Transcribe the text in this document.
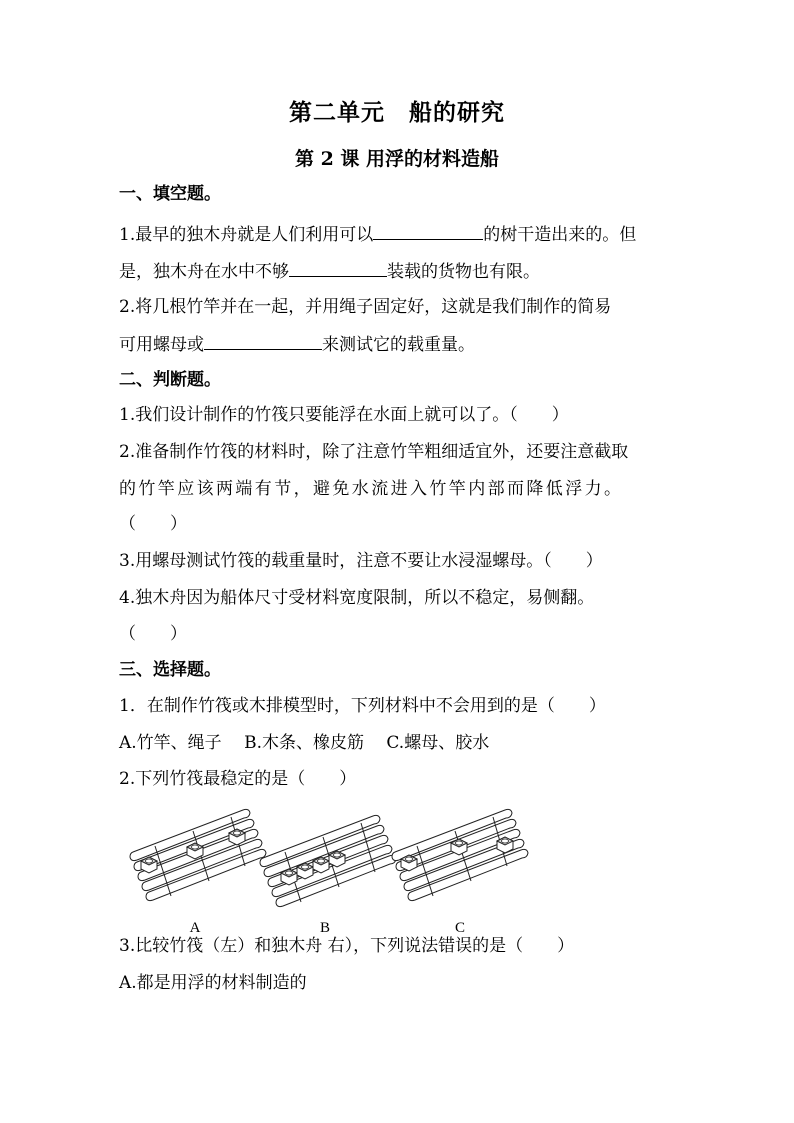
第二单元　船的研究
第 2 课 用浮的材料造船
一、填空题。
1.最早的独木舟就是人们利用可以	的树干造出来的。但
是，独木舟在水中不够	装载的货物也有限。
2.将几根竹竿并在一起，并用绳子固定好，这就是我们制作的简易
可用螺母或	来测试它的载重量。
二、判断题。
1.我们设计制作的竹筏只要能浮在水面上就可以了。（　　）
2.准备制作竹筏的材料时，除了注意竹竿粗细适宜外，还要注意截取
的竹竿应该两端有节，避免水流进入竹竿内部而降低浮力。
（　　）
3.用螺母测试竹筏的载重量时，注意不要让水浸湿螺母。（　　）
4.独木舟因为船体尺寸受材料宽度限制，所以不稳定，易侧翻。
（　　）
三、选择题。
1．在制作竹筏或木排模型时，下列材料中不会用到的是（　　）
A.竹竿、绳子　 B.木条、橡皮筋　 C.螺母、胶水
2.下列竹筏最稳定的是（　　）
A	B	C
3.比较竹筏（左）和独木舟 右），下列说法错误的是（　　）
A.都是用浮的材料制造的
